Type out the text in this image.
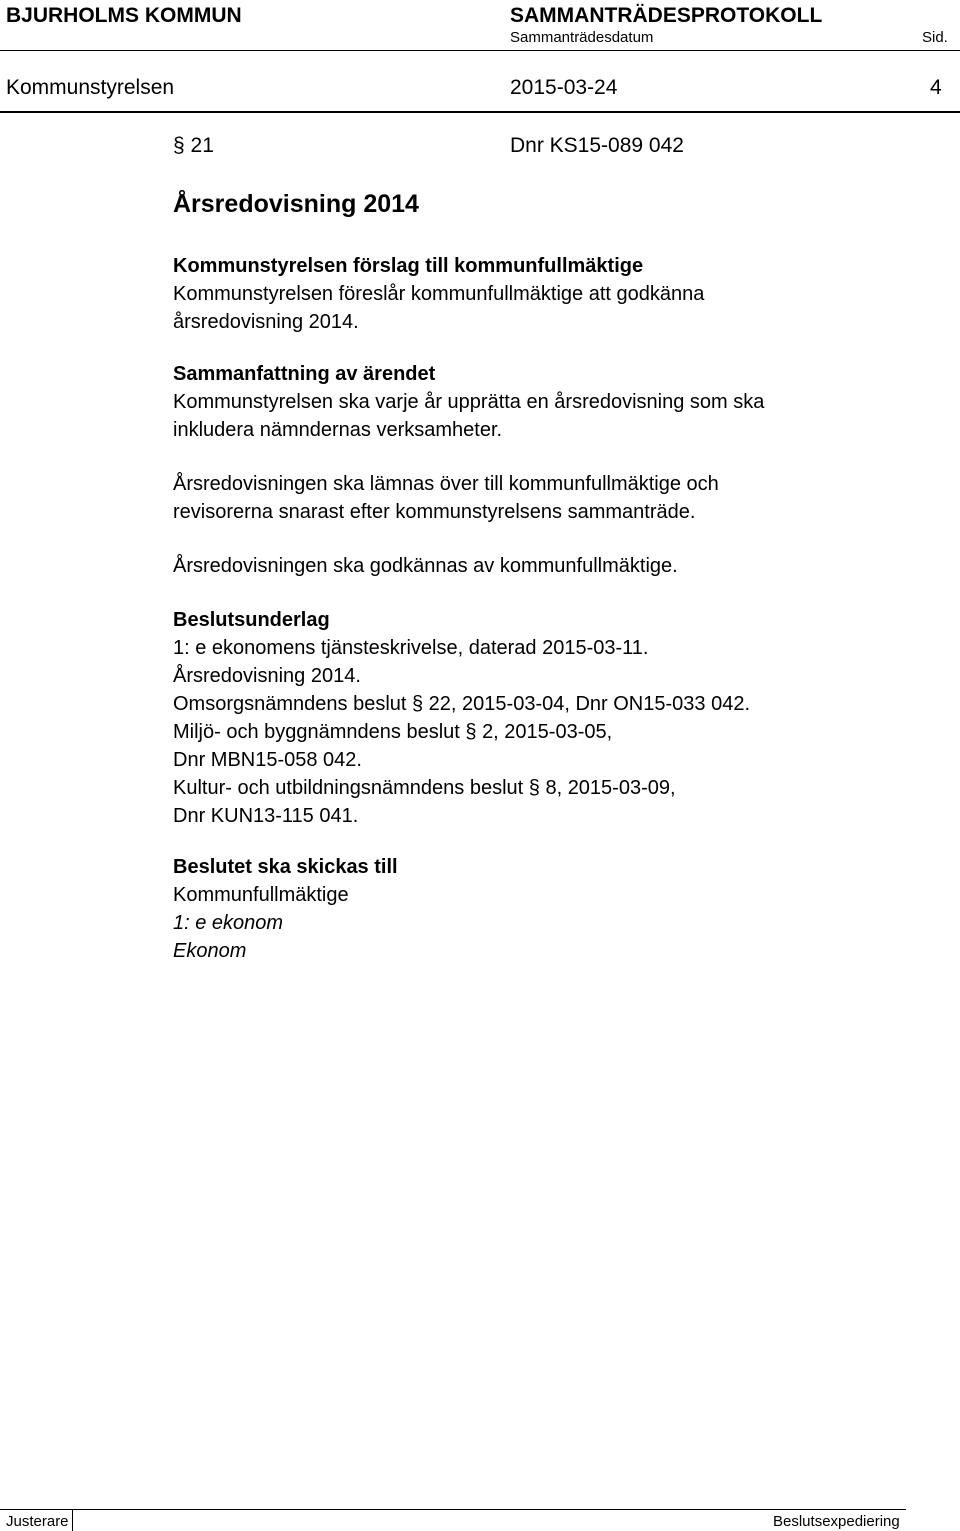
BJURHOLMS KOMMUN	SAMMANTRÄDESPROTOKOLL
Sammanträdesdatum	Sid.
Kommunstyrelsen	2015-03-24	4
§ 21	Dnr KS15-089 042
Årsredovisning 2014
Kommunstyrelsen förslag till kommunfullmäktige
Kommunstyrelsen föreslår kommunfullmäktige att godkänna
årsredovisning 2014.
Sammanfattning av ärendet
Kommunstyrelsen ska varje år upprätta en årsredovisning som ska
inkludera nämndernas verksamheter.
Årsredovisningen ska lämnas över till kommunfullmäktige och
revisorerna snarast efter kommunstyrelsens sammanträde.
Årsredovisningen ska godkännas av kommunfullmäktige.
Beslutsunderlag
1: e ekonomens tjänsteskrivelse, daterad 2015-03-11.
Årsredovisning 2014.
Omsorgsnämndens beslut § 22, 2015-03-04, Dnr ON15-033 042.
Miljö- och byggnämndens beslut § 2, 2015-03-05,
Dnr MBN15-058 042.
Kultur- och utbildningsnämndens beslut § 8, 2015-03-09,
Dnr KUN13-115 041.
Beslutet ska skickas till
Kommunfullmäktige
1: e ekonom
Ekonom
Justerare	Beslutsexpediering
